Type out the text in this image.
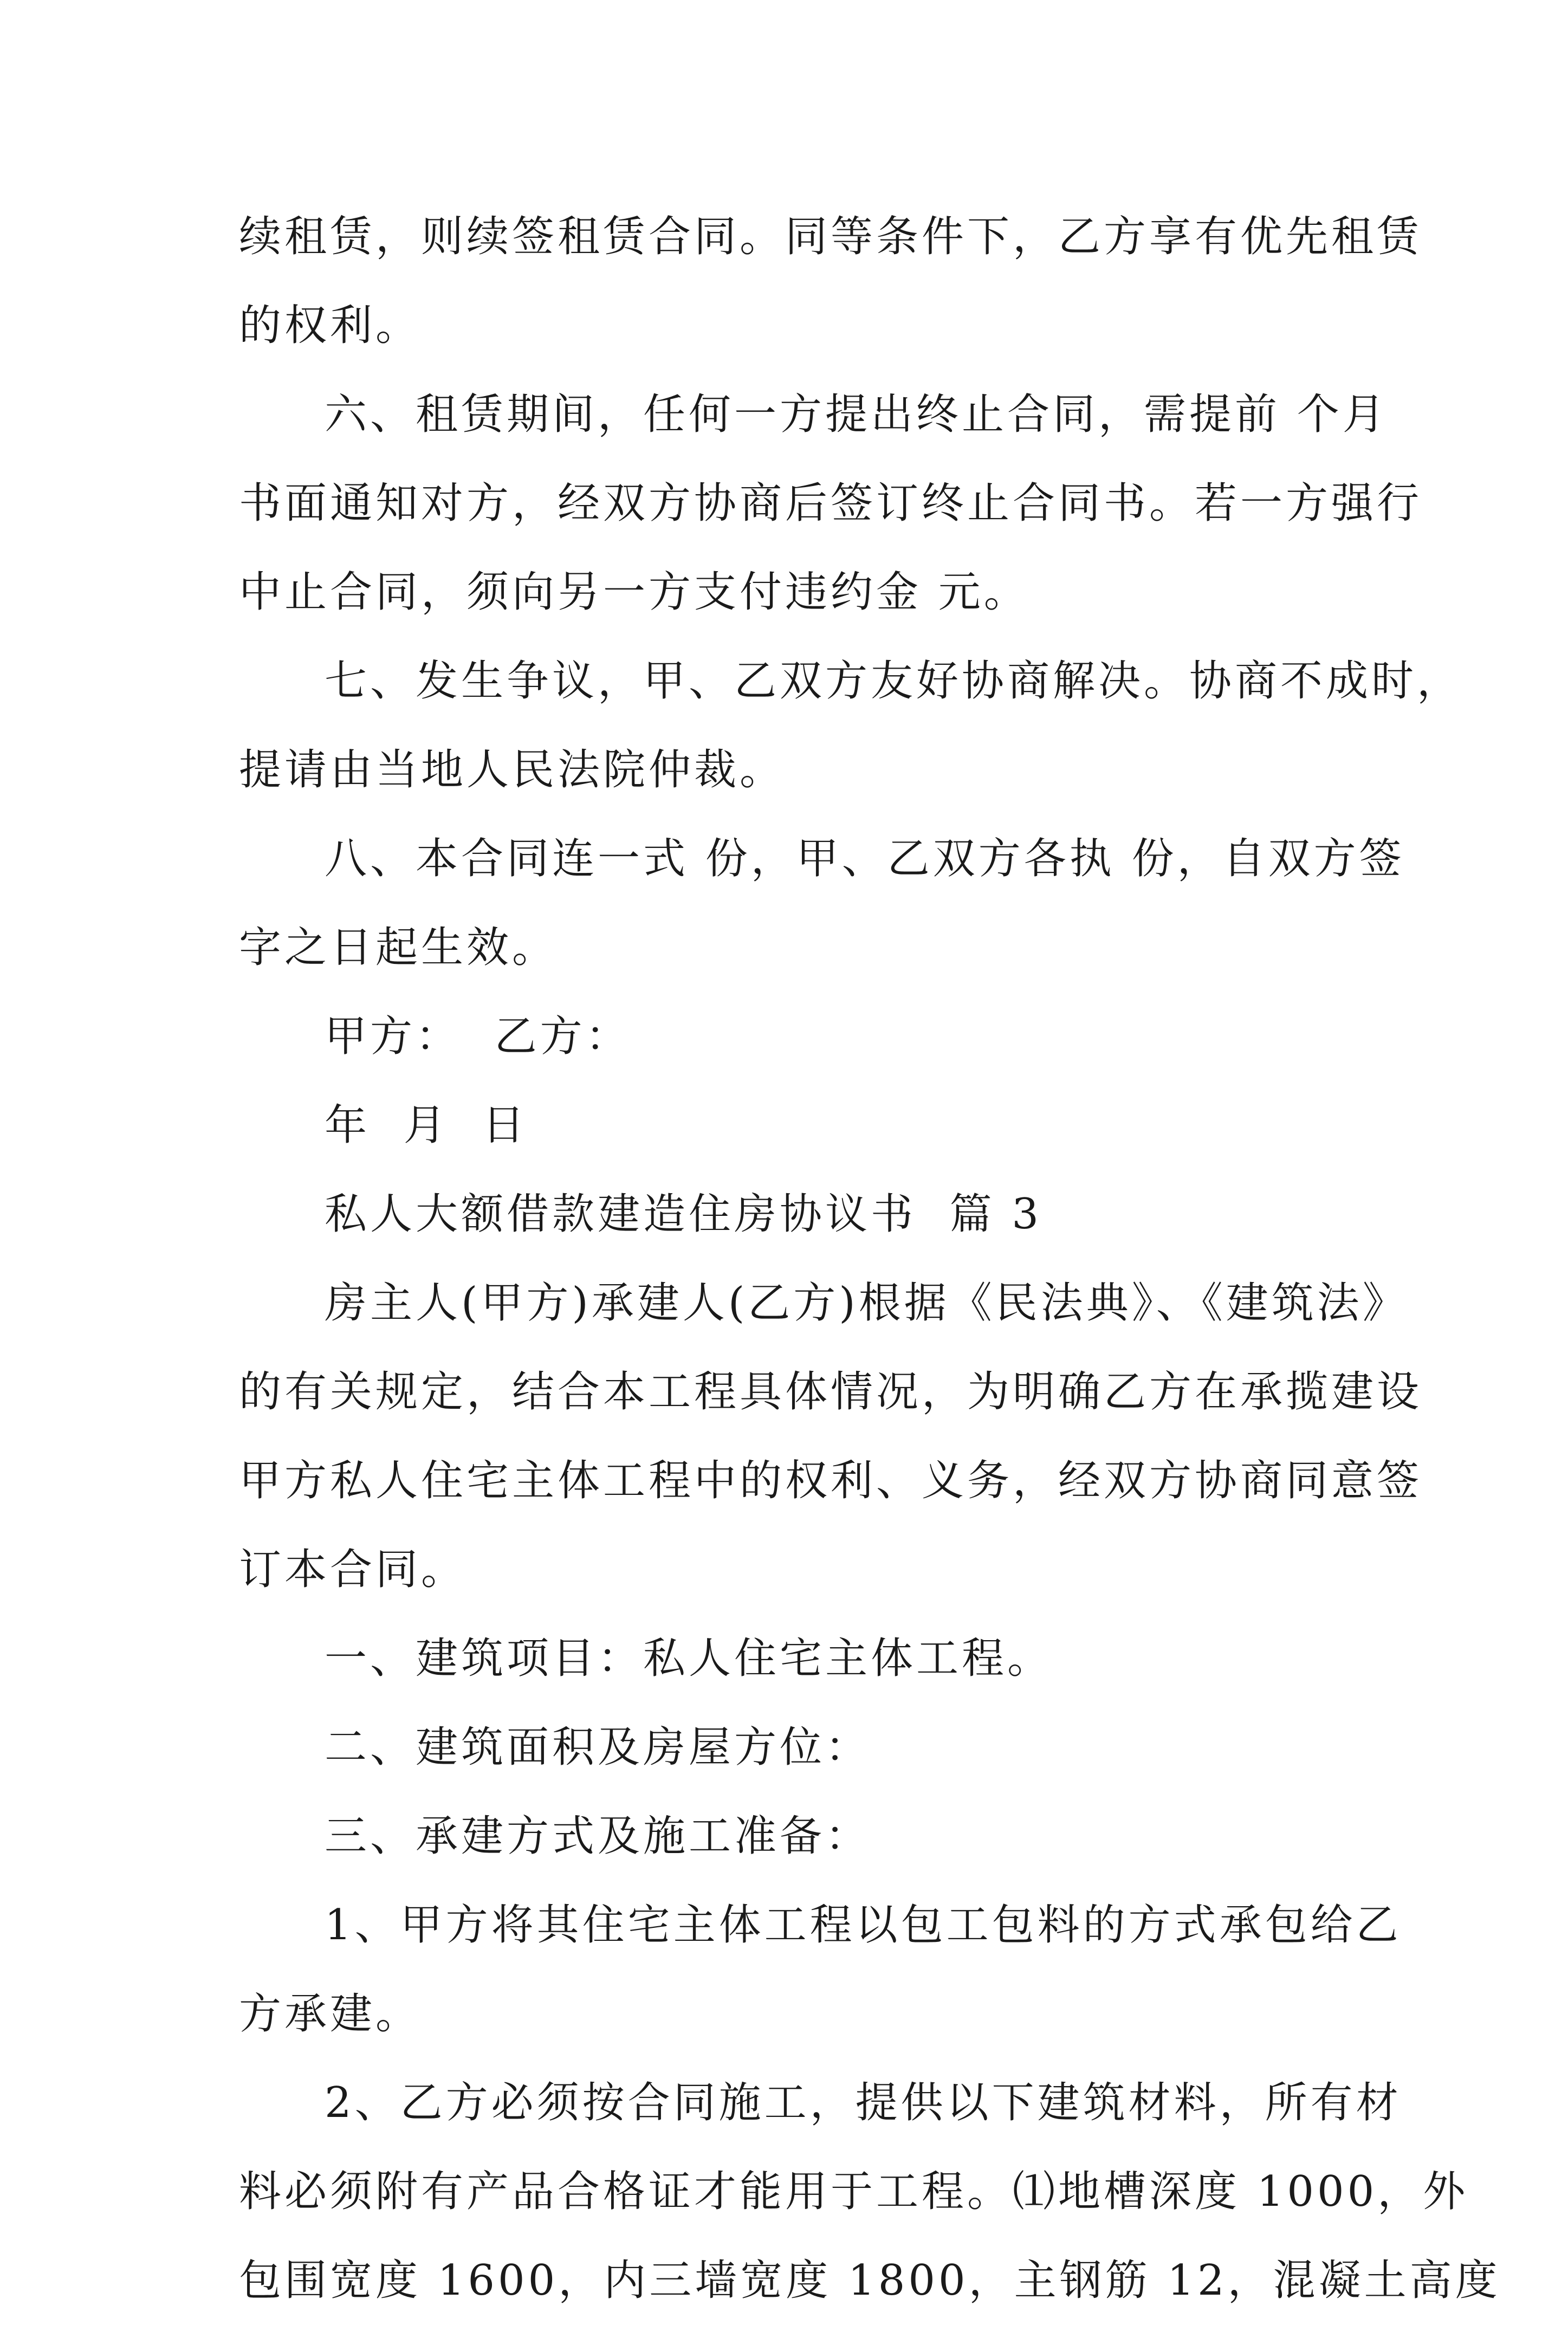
续租赁，则续签租赁合同。同等条件下，乙方享有优先租赁
的权利。
六、租赁期间，任何一方提出终止合同，需提前 个月
书面通知对方，经双方协商后签订终止合同书。若一方强行
中止合同，须向另一方支付违约金 元。
七、发生争议，甲、乙双方友好协商解决。协商不成时，
提请由当地人民法院仲裁。
八、本合同连一式 份，甲、乙双方各执 份，自双方签
字之日起生效。
甲方：  乙方：
年  月  日
私人大额借款建造住房协议书  篇 3
房主人(甲方)承建人(乙方)根据《民法典》、《建筑法》
的有关规定，结合本工程具体情况，为明确乙方在承揽建设
甲方私人住宅主体工程中的权利、义务，经双方协商同意签
订本合同。
一、建筑项目：私人住宅主体工程。
二、建筑面积及房屋方位：
三、承建方式及施工准备：
1、甲方将其住宅主体工程以包工包料的方式承包给乙
方承建。
2、乙方必须按合同施工，提供以下建筑材料，所有材
料必须附有产品合格证才能用于工程。⑴地槽深度 1000，外
包围宽度 1600，内三墙宽度 1800，主钢筋 12，混凝土高度
